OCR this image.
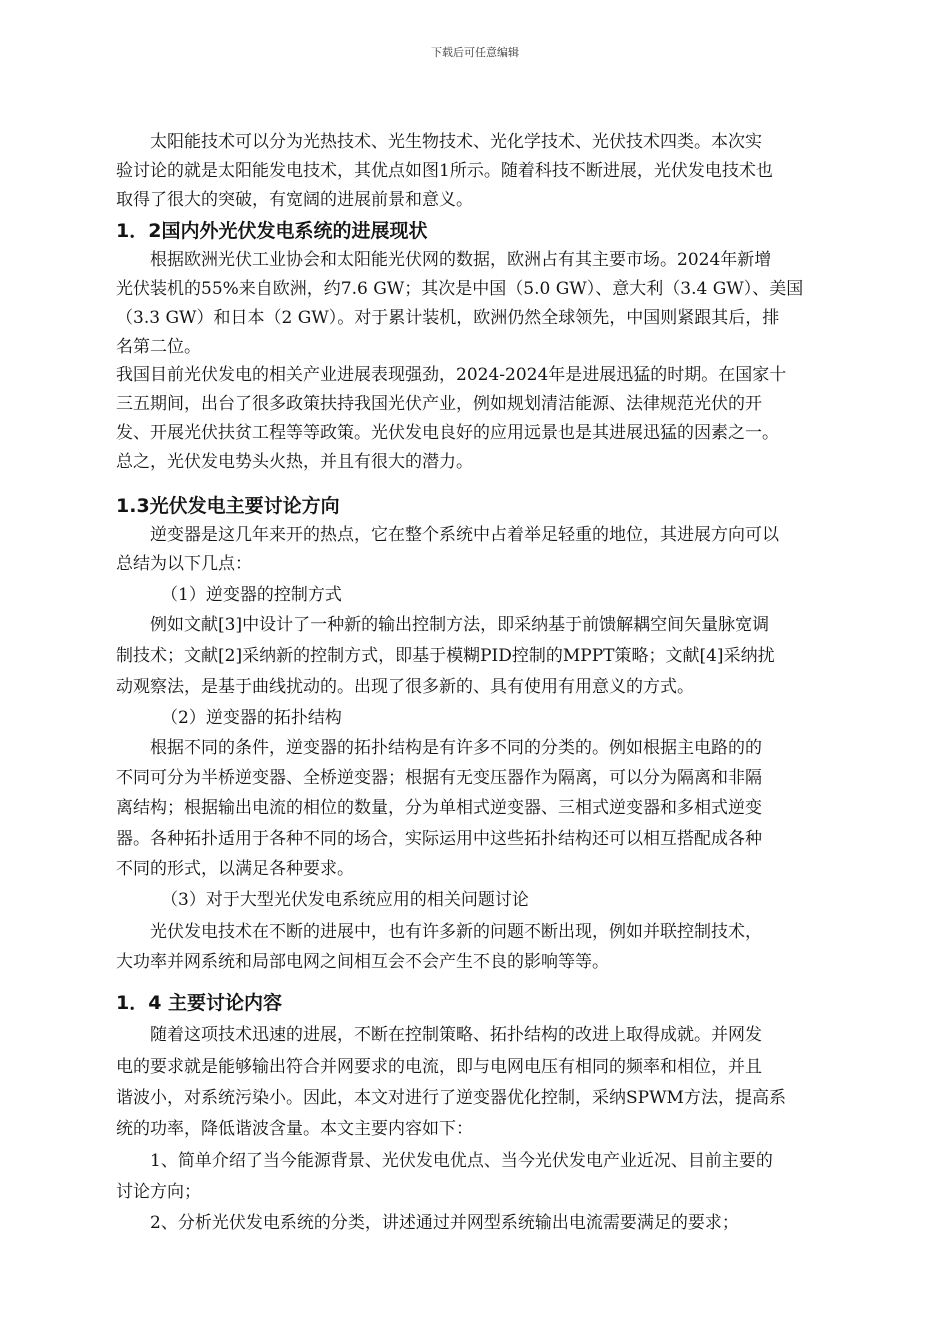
下载后可任意编辑
太阳能技术可以分为光热技术、光生物技术、光化学技术、光伏技术四类。本次实
验讨论的就是太阳能发电技术，其优点如图1所示。随着科技不断进展，光伏发电技术也
取得了很大的突破，有宽阔的进展前景和意义。
1．2国内外光伏发电系统的进展现状
根据欧洲光伏工业协会和太阳能光伏网的数据，欧洲占有其主要市场。2024年新增
光伏装机的55%来自欧洲，约7.6 GW；其次是中国（5.0 GW）、意大利（3.4 GW）、美国
（3.3 GW）和日本（2 GW）。对于累计装机，欧洲仍然全球领先，中国则紧跟其后，排
名第二位。
我国目前光伏发电的相关产业进展表现强劲，2024-2024年是进展迅猛的时期。在国家十
三五期间，出台了很多政策扶持我国光伏产业，例如规划清洁能源、法律规范光伏的开
发、开展光伏扶贫工程等等政策。光伏发电良好的应用远景也是其进展迅猛的因素之一。
总之，光伏发电势头火热，并且有很大的潜力。
1.3光伏发电主要讨论方向
逆变器是这几年来开的热点，它在整个系统中占着举足轻重的地位，其进展方向可以
总结为以下几点：
（1）逆变器的控制方式
例如文献[3]中设计了一种新的输出控制方法，即采纳基于前馈解耦空间矢量脉宽调
制技术；文献[2]采纳新的控制方式，即基于模糊PID控制的MPPT策略；文献[4]采纳扰
动观察法，是基于曲线扰动的。出现了很多新的、具有使用有用意义的方式。
（2）逆变器的拓扑结构
根据不同的条件，逆变器的拓扑结构是有许多不同的分类的。例如根据主电路的的
不同可分为半桥逆变器、全桥逆变器；根据有无变压器作为隔离，可以分为隔离和非隔
离结构；根据输出电流的相位的数量，分为单相式逆变器、三相式逆变器和多相式逆变
器。各种拓扑适用于各种不同的场合，实际运用中这些拓扑结构还可以相互搭配成各种
不同的形式，以满足各种要求。
（3）对于大型光伏发电系统应用的相关问题讨论
光伏发电技术在不断的进展中，也有许多新的问题不断出现，例如并联控制技术，
大功率并网系统和局部电网之间相互会不会产生不良的影响等等。
1．4 主要讨论内容
随着这项技术迅速的进展，不断在控制策略、拓扑结构的改进上取得成就。并网发
电的要求就是能够输出符合并网要求的电流，即与电网电压有相同的频率和相位，并且
谐波小，对系统污染小。因此，本文对进行了逆变器优化控制，采纳SPWM方法，提高系
统的功率，降低谐波含量。本文主要内容如下：
1、简单介绍了当今能源背景、光伏发电优点、当今光伏发电产业近况、目前主要的
讨论方向；
2、分析光伏发电系统的分类，讲述通过并网型系统输出电流需要满足的要求；
